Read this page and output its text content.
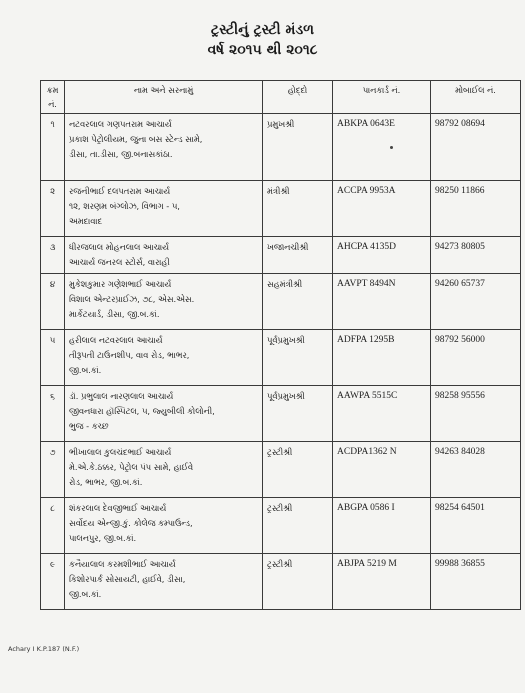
ટ્રસ્ટીનું ટ્રસ્ટી મંડળ
વર્ષ ૨૦૧૫ થી ૨૦૧૮
ક્રમ નં.	નામ અને સરનામું	હોદ્દો	પાનકાર્ડ નં.	મોબાઈલ નં.
૧	નટવરલાલ ગણપતરામ આચાર્ય
પ્રકાશ પેટ્રોલીયમ, જુના બસ સ્ટેન્ડ સામે,
ડીસા, તા.ડીસા, જી.બનાસકાંઠા.	પ્રમુખશ્રી	ABKPA 0643E	98792 08694
૨	રજનીભાઈ દલપતરામ આચાર્ય
૧૨, શરણમ બંગ્લોઝ, વિભાગ - ૫,
અમદાવાદ	મંત્રીશ્રી	ACCPA 9953A	98250 11866
૩	ધીરજલાલ મોહનલાલ આચાર્ય
આચાર્ય જનરલ સ્ટોર્સ, વારાહી	ખજાનચીશ્રી	AHCPA 4135D	94273 80805
૪	મુકેશકુમાર ગણેશભાઈ આચાર્ય
વિશાલ એન્ટરપ્રાઈઝ, ૭૮, એસ.એસ.
માર્કેટયાર્ડ, ડીસા, જી.બ.કાં.	સહમંત્રીશ્રી	AAVPT 8494N	94260 65737
૫	હરીલાલ નટવરલાલ આચાર્ય
તીરૂપતી ટાઉનશીપ, વાવ રોડ, ભાભર,
જી.બ.કાં.	પૂર્વપ્રમુખશ્રી	ADFPA 1295B	98792 56000
૬	ડૉ. પ્રભુલાલ નારણલાલ આચાર્ય
જીવનધારા હૉસ્પિટલ, ૫, જ્યુબીલી કોલોની,
ભુજ - કચ્છ	પૂર્વપ્રમુખશ્રી	AAWPA 5515C	98258 95556
૭	ભીખાલાલ કુલચંદભાઈ આચાર્ય
મે.એ.કે.ઠક્કર, પેટ્રોલ પંપ સામે, હાઈવે
રોડ, ભાભર, જી.બ.કાં.	ટ્રસ્ટીશ્રી	ACDPA1362 N	94263 84028
૮	શંકરલાલ દેવજીભાઈ આચાર્ય
સર્વોદય એન્જી.કું. કોલેજ કમ્પાઉન્ડ,
પાલનપુર, જી.બ.કાં.	ટ્રસ્ટીશ્રી	ABGPA 0586 I	98254 64501
૯	કનૈયાલાલ કરમશીભાઈ આચાર્ય
કિશોરપાર્ક સોસાયટી, હાઈવે, ડીસા,
જી.બ.કાં.	ટ્રસ્ટીશ્રી	ABJPA 5219 M	99988 36855
Achary I K.P.187 (N.F.)
